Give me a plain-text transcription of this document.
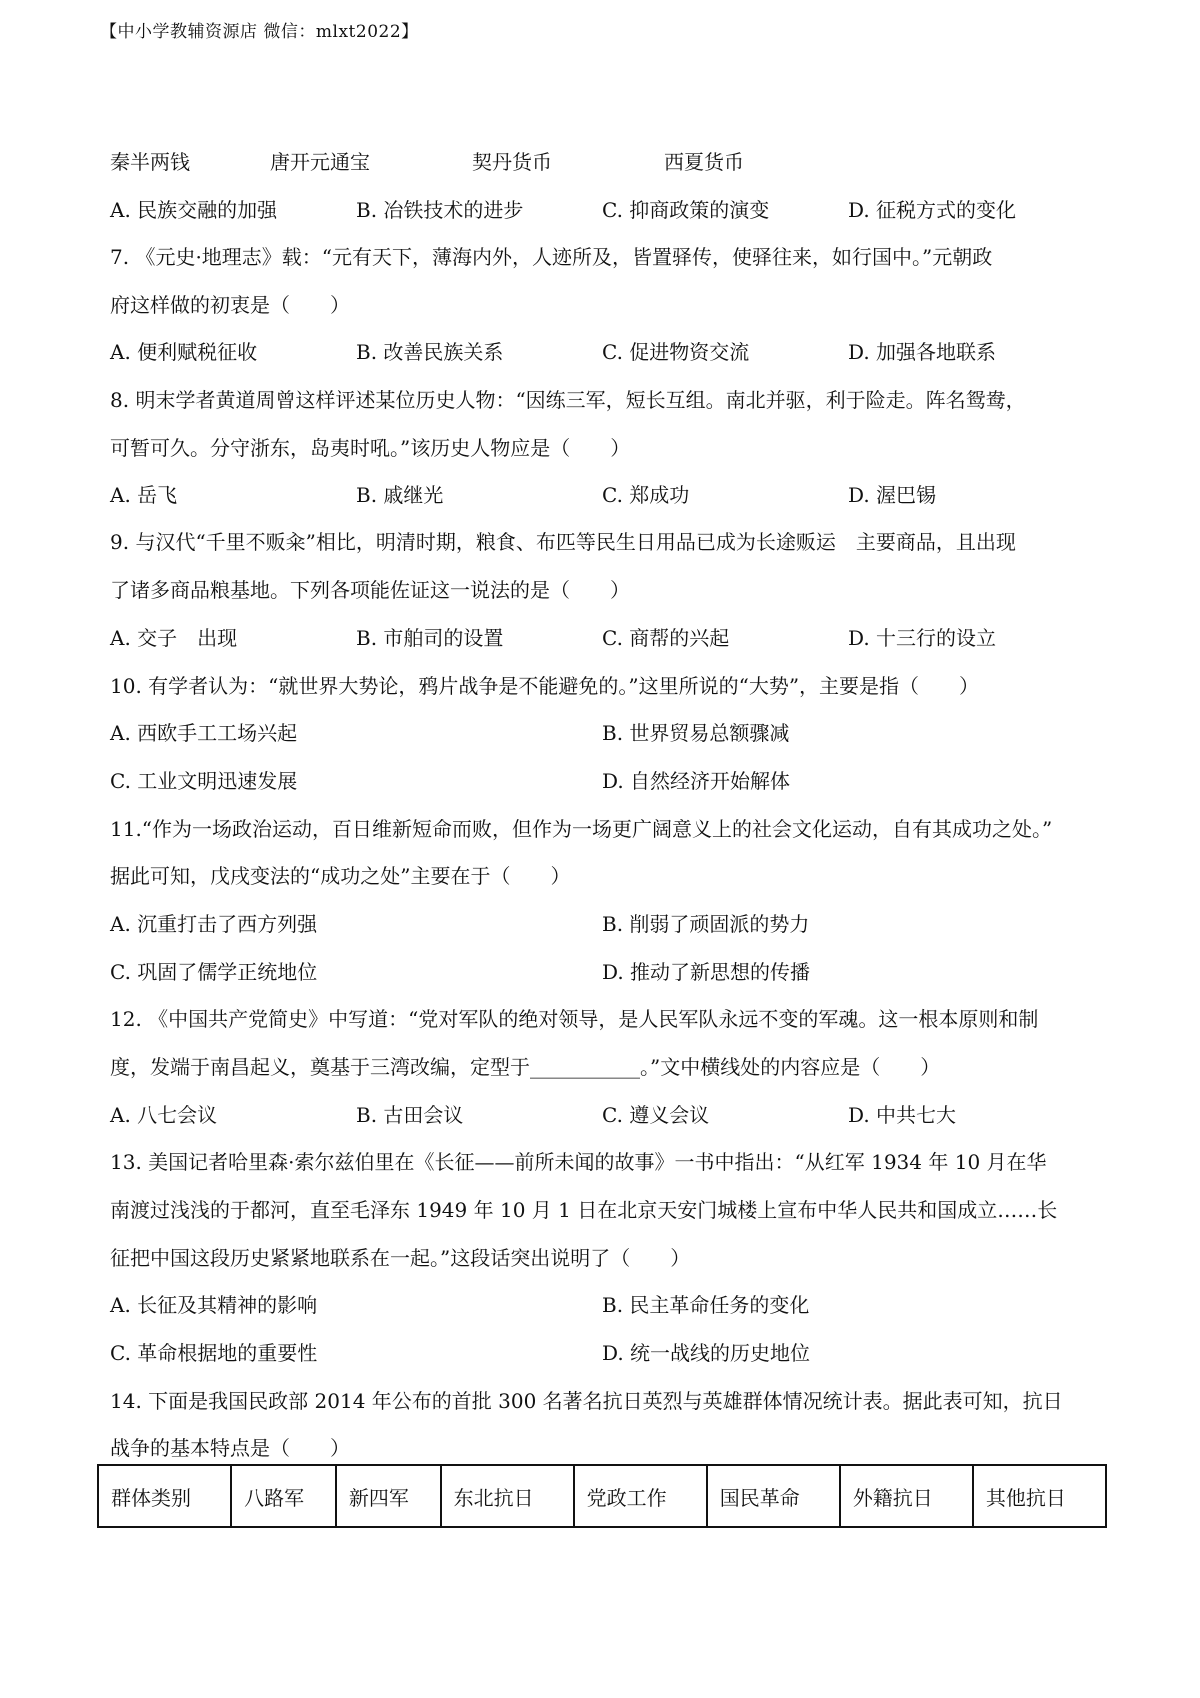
【中小学教辅资源店 微信：mlxt2022】
秦半两钱	唐开元通宝	契丹货币	西夏货币
A. 民族交融的加强	B. 冶铁技术的进步	C. 抑商政策的演变	D. 征税方式的变化
7. 《元史·地理志》载：“元有天下，薄海内外，人迹所及，皆置驿传，使驿往来，如行国中。”元朝政
府这样做的初衷是（　　）
A. 便利赋税征收	B. 改善民族关系	C. 促进物资交流	D. 加强各地联系
8. 明末学者黄道周曾这样评述某位历史人物：“因练三军，短长互组。南北并驱，利于险走。阵名鸳鸯，
可暂可久。分守浙东，岛夷时吼。”该历史人物应是（　　）
A. 岳飞	B. 戚继光	C. 郑成功	D. 渥巴锡
9. 与汉代“千里不贩籴”相比，明清时期，粮食、布匹等民生日用品已成为长途贩运　主要商品，且出现
了诸多商品粮基地。下列各项能佐证这一说法的是（　　）
A. 交子　出现	B. 市舶司的设置	C. 商帮的兴起	D. 十三行的设立
10. 有学者认为：“就世界大势论，鸦片战争是不能避免的。”这里所说的“大势”，主要是指（　　）
A. 西欧手工工场兴起	B. 世界贸易总额骤减
C. 工业文明迅速发展	D. 自然经济开始解体
11.“作为一场政治运动，百日维新短命而败，但作为一场更广阔意义上的社会文化运动，自有其成功之处。”
据此可知，戊戌变法的“成功之处”主要在于（　　）
A. 沉重打击了西方列强	B. 削弱了顽固派的势力
C. 巩固了儒学正统地位	D. 推动了新思想的传播
12. 《中国共产党简史》中写道：“党对军队的绝对领导，是人民军队永远不变的军魂。这一根本原则和制
度，发端于南昌起义，奠基于三湾改编，定型于___________。”文中横线处的内容应是（　　）
A. 八七会议	B. 古田会议	C. 遵义会议	D. 中共七大
13. 美国记者哈里森·索尔兹伯里在《长征——前所未闻的故事》一书中指出：“从红军 1934 年 10 月在华
南渡过浅浅的于都河，直至毛泽东 1949 年 10 月 1 日在北京天安门城楼上宣布中华人民共和国成立……长
征把中国这段历史紧紧地联系在一起。”这段话突出说明了（　　）
A. 长征及其精神的影响	B. 民主革命任务的变化
C. 革命根据地的重要性	D. 统一战线的历史地位
14. 下面是我国民政部 2014 年公布的首批 300 名著名抗日英烈与英雄群体情况统计表。据此表可知，抗日
战争的基本特点是（　　）
群体类别	八路军	新四军	东北抗日	党政工作	国民革命	外籍抗日	其他抗日
